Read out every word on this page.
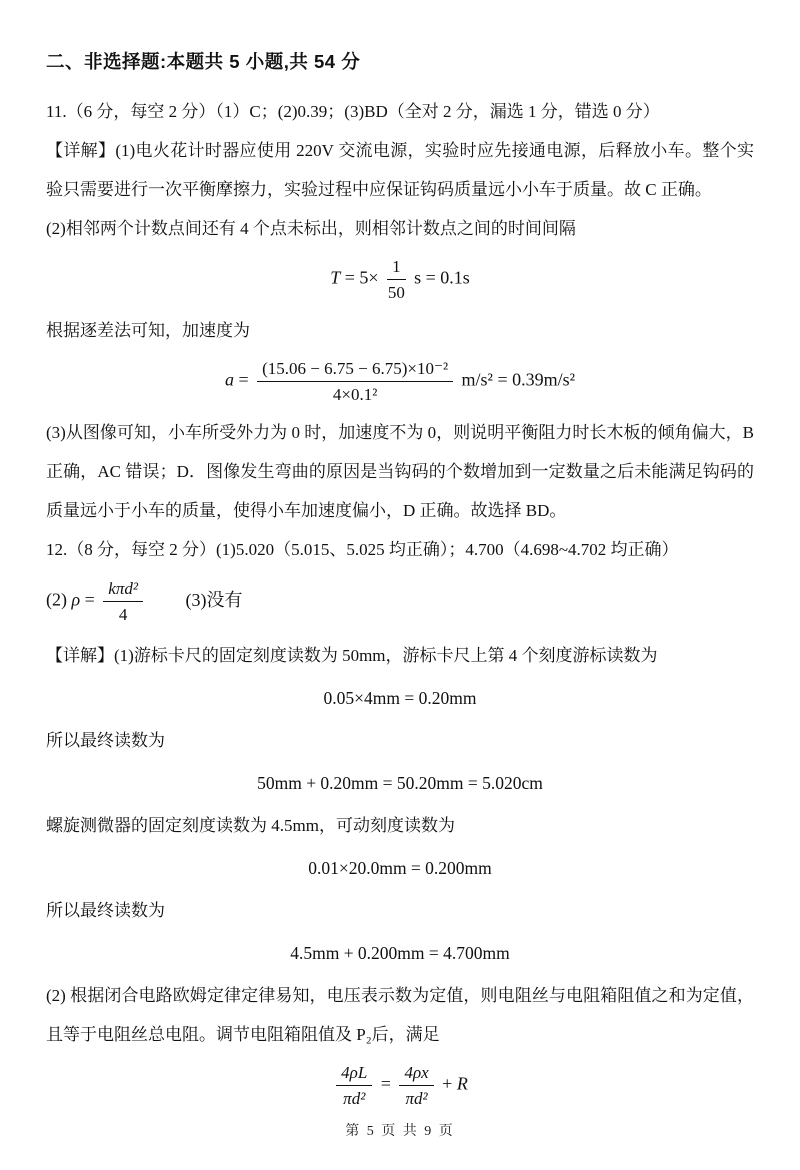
二、非选择题:本题共 5 小题,共 54 分

11.（6 分，每空 2 分）（1）C；(2)0.39；(3)BD（全对 2 分，漏选 1 分，错选 0 分）

【详解】(1)电火花计时器应使用 220V 交流电源，实验时应先接通电源，后释放小车。整个实验只需要进行一次平衡摩擦力，实验过程中应保证钩码质量远小小车于质量。故 C 正确。

(2)相邻两个计数点间还有 4 个点未标出，则相邻计数点之间的时间间隔

$T = 5\times \frac{1}{50}$ s = 0.1s

根据逐差法可知，加速度为

$a = \frac{\text{(15.06 − 6.75 − 6.75)×10⁻²}}{\text{4×0.1²}} m/s^2 = 0.39m/s^2$

(3)从图像可知，小车所受外力为 0 时，加速度不为 0，则说明平衡阻力时长木板的倾角偏大，B 正确，AC 错误；D．图像发生弯曲的原因是当钩码的个数增加到一定数量之后未能满足钩码的质量远小于小车的质量，使得小车加速度偏小，D 正确。故选择 BD。

12.（8 分，每空 2 分）(1)5.020（5.015、5.025 均正确）；4.700（4.698~4.702 均正确）

(2) $\rho = \frac{\text{kπd²}}{4} (3)$没有

【详解】(1)游标卡尺的固定刻度读数为 50mm，游标卡尺上第 4 个刻度游标读数为

0.05×4mm = 0.20mm

所以最终读数为

50mm + 0.20mm = 50.20mm = 5.020cm

螺旋测微器的固定刻度读数为 4.5mm，可动刻度读数为

0.01×20.0mm = 0.200mm

所以最终读数为

4.5mm + 0.200mm = 4.700mm

(2) 根据闭合电路欧姆定律定律易知，电压表示数为定值，则电阻丝与电阻箱阻值之和为定值，且等于电阻丝总电阻。调节电阻箱阻值及 P₂后，满足

$\frac{4\rho L}{\text{πd²}} = \frac{4\rho x}{\text{πd²}} + R$
第 5 页 共 9 页
